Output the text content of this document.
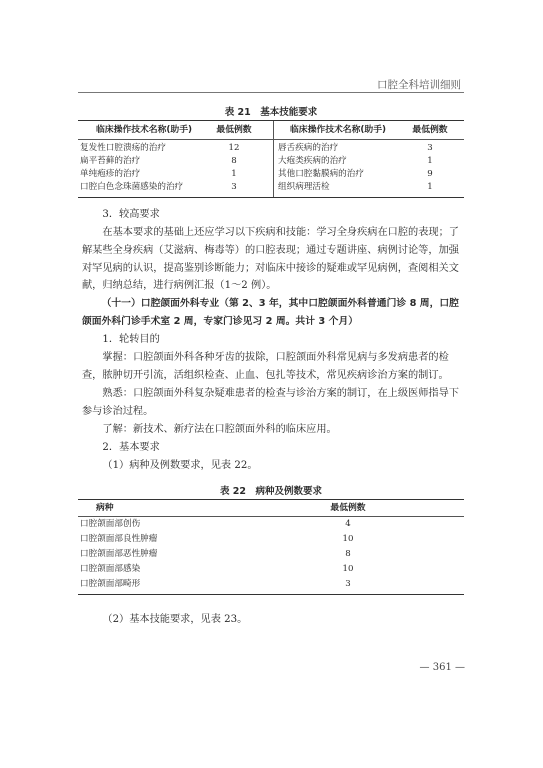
口腔全科培训细则
表 21　基本技能要求
临床操作技术名称(助手)	最低例数	临床操作技术名称(助手)	最低例数
复发性口腔溃疡的治疗	12	唇舌疾病的治疗	3
扁平苔藓的治疗	8	大疱类疾病的治疗	1
单纯疱疹的治疗	1	其他口腔黏膜病的治疗	9
口腔白色念珠菌感染的治疗	3	组织病理活检	1
3．较高要求
在基本要求的基础上还应学习以下疾病和技能：学习全身疾病在口腔的表现；了解某些全身疾病（艾滋病、梅毒等）的口腔表现；通过专题讲座、病例讨论等，加强对罕见病的认识，提高鉴别诊断能力；对临床中接诊的疑难或罕见病例，查阅相关文献，归纳总结，进行病例汇报（1～2 例）。
（十一）口腔颌面外科专业（第 2、3 年，其中口腔颌面外科普通门诊 8 周，口腔颌面外科门诊手术室 2 周，专家门诊见习 2 周。共计 3 个月）
1．轮转目的
掌握：口腔颌面外科各种牙齿的拔除，口腔颌面外科常见病与多发病患者的检查，脓肿切开引流，活组织检查、止血、包扎等技术，常见疾病诊治方案的制订。
熟悉：口腔颌面外科复杂疑难患者的检查与诊治方案的制订，在上级医师指导下参与诊治过程。
了解：新技术、新疗法在口腔颌面外科的临床应用。
2．基本要求
（1）病种及例数要求，见表 22。
表 22　病种及例数要求
病种	最低例数
口腔颌面部创伤	4
口腔颌面部良性肿瘤	10
口腔颌面部恶性肿瘤	8
口腔颌面部感染	10
口腔颌面部畸形	3
（2）基本技能要求，见表 23。
— 361 —
